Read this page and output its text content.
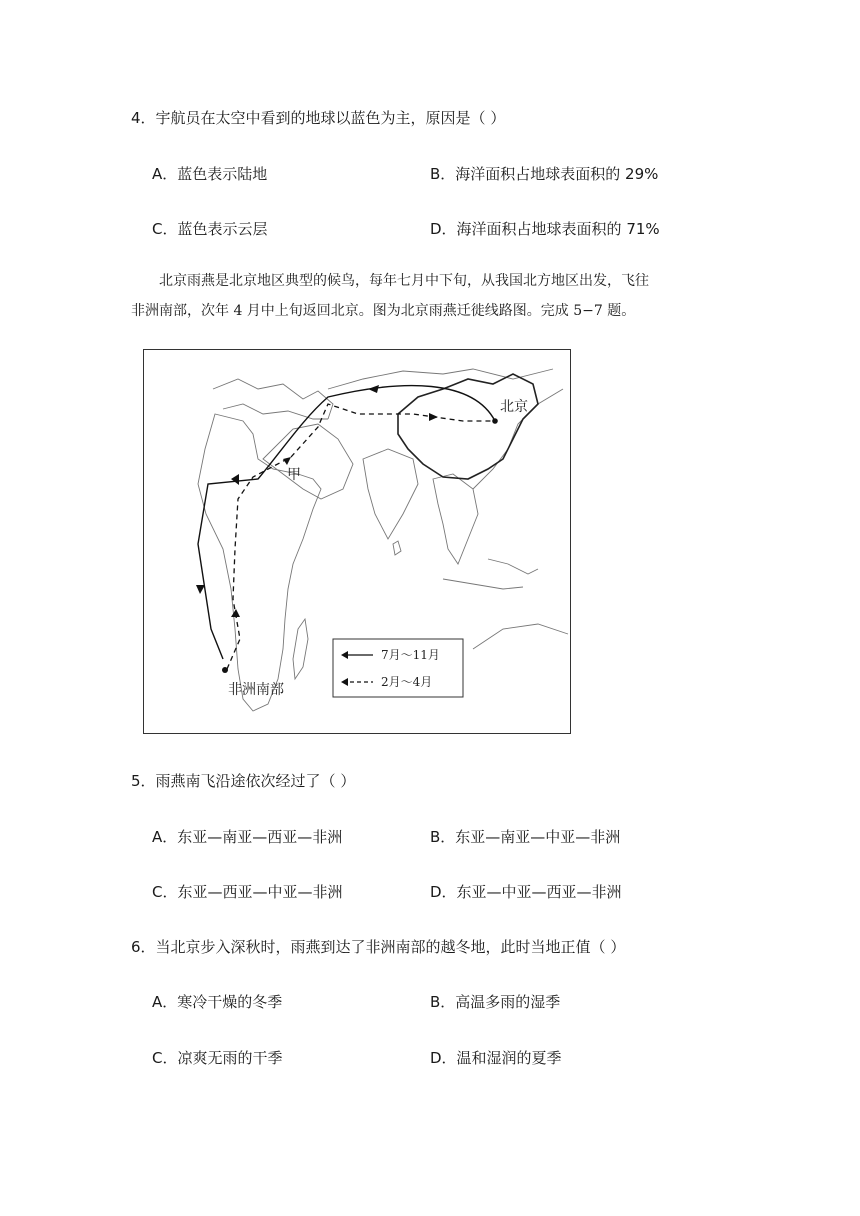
4．宇航员在太空中看到的地球以蓝色为主，原因是（ ）
A．蓝色表示陆地	B．海洋面积占地球表面积的 29%
C．蓝色表示云层	D．海洋面积占地球表面积的 71%

北京雨燕是北京地区典型的候鸟，每年七月中下旬，从我国北方地区出发，飞往

非洲南部，次年 4 月中上旬返回北京。图为北京雨燕迁徙线路图。完成 5−7 题。

北京
甲
非洲南部
7月～11月
2月～4月
5．雨燕南飞沿途依次经过了（ ）
A．东亚—南亚—西亚—非洲	B．东亚—南亚—中亚—非洲
C．东亚—西亚—中亚—非洲	D．东亚—中亚—西亚—非洲
6．当北京步入深秋时，雨燕到达了非洲南部的越冬地，此时当地正值（ ）
A．寒冷干燥的冬季	B．高温多雨的湿季
C．凉爽无雨的干季	D．温和湿润的夏季
